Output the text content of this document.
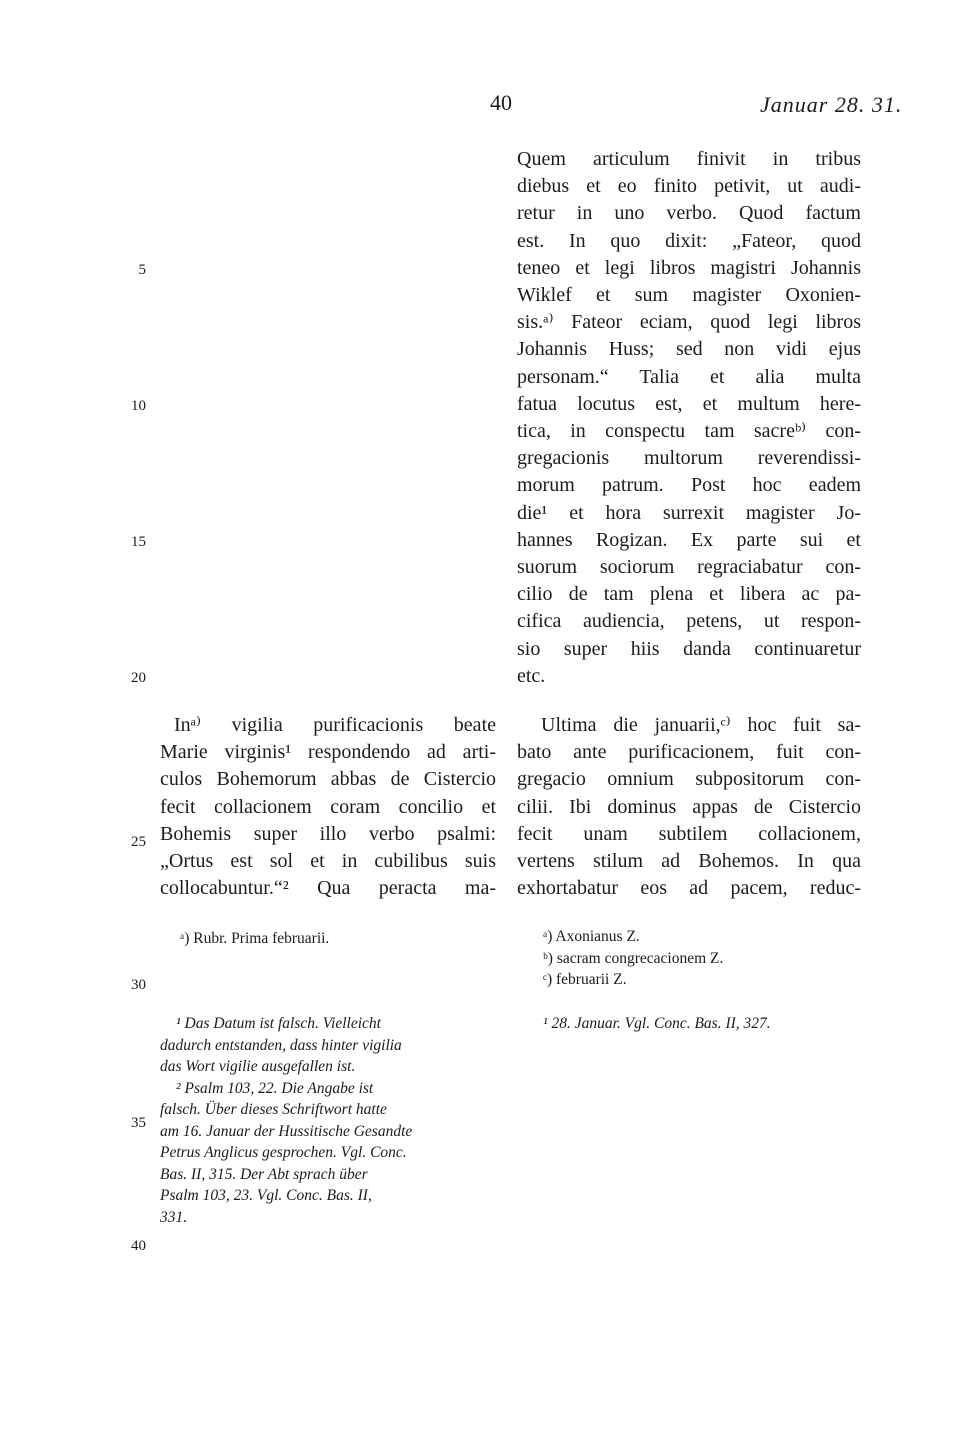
40	Januar 28. 31.
5
10
15
20
25
30
35
40
Quem articulum finivit in tribus
diebus et eo finito petivit, ut audi-
retur in uno verbo. Quod factum
est. In quo dixit: „Fateor, quod
teneo et legi libros magistri Johannis
Wiklef et sum magister Oxonien-
sis.ᵃ⁾ Fateor eciam, quod legi libros
Johannis Huss; sed non vidi ejus
personam.“ Talia et alia multa
fatua locutus est, et multum here-
tica, in conspectu tam sacreᵇ⁾ con-
gregacionis multorum reverendissi-
morum patrum. Post hoc eadem
die¹ et hora surrexit magister Jo-
hannes Rogizan. Ex parte sui et
suorum sociorum regraciabatur con-
cilio de tam plena et libera ac pa-
cifica audiencia, petens, ut respon-
sio super hiis danda continuaretur
etc.
Inᵃ⁾ vigilia purificacionis beate
Marie virginis¹ respondendo ad arti-
culos Bohemorum abbas de Cistercio
fecit collacionem coram concilio et
Bohemis super illo verbo psalmi:
„Ortus est sol et in cubilibus suis
collocabuntur.“² Qua peracta ma-
Ultima die januarii,ᶜ⁾ hoc fuit sa-
bato ante purificacionem, fuit con-
gregacio omnium subpositorum con-
cilii. Ibi dominus appas de Cistercio
fecit unam subtilem collacionem,
vertens stilum ad Bohemos. In qua
exhortabatur eos ad pacem, reduc-
ᵃ) Rubr. Prima februarii.	ᵃ) Axonianus Z.
ᵇ) sacram congrecacionem Z.
ᶜ) februarii Z.
¹ Das Datum ist falsch. Vielleicht
dadurch entstanden, dass hinter vigilia
das Wort vigilie ausgefallen ist.
² Psalm 103, 22. Die Angabe ist
falsch. Über dieses Schriftwort hatte
am 16. Januar der Hussitische Gesandte
Petrus Anglicus gesprochen. Vgl. Conc.
Bas. II, 315. Der Abt sprach über
Psalm 103, 23. Vgl. Conc. Bas. II,
331.
¹ 28. Januar. Vgl. Conc. Bas. II, 327.
